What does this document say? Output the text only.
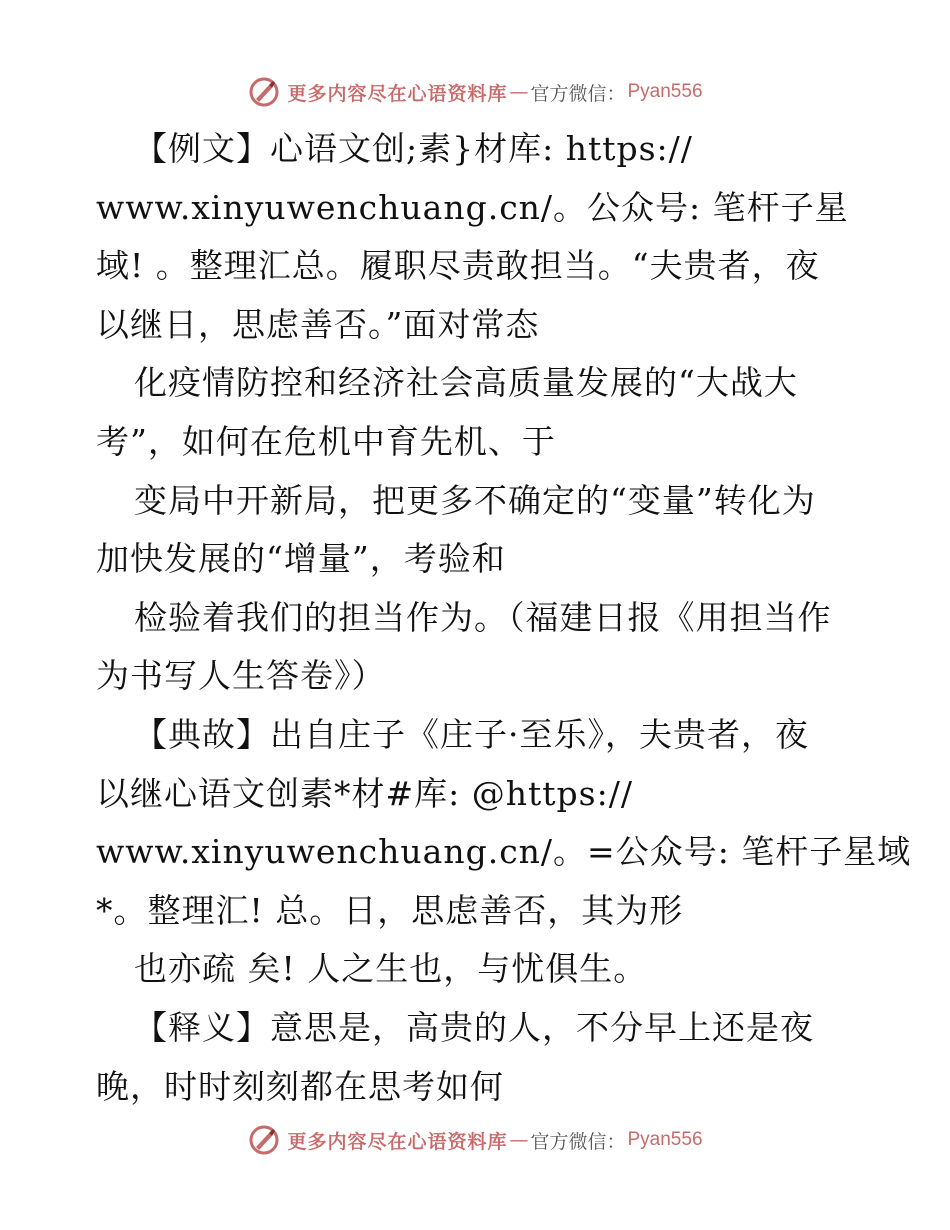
更多内容尽在心语资料库 — 官方微信： Pyan556
【例文】心语文创;素}材库: https://
www.xinyuwenchuang.cn/。公众号: 笔杆子星
域! 。整理汇总。履职尽责敢担当。“夫贵者，夜
以继日，思虑善否。”面对常态
化疫情防控和经济社会高质量发展的“大战大
考”，如何在危机中育先机、于
变局中开新局，把更多不确定的“变量”转化为
加快发展的“增量”，考验和
检验着我们的担当作为。（福建日报《用担当作
为书写人生答卷》）
【典故】出自庄子《庄子·至乐》，夫贵者，夜
以继心语文创素*材#库: @https://
www.xinyuwenchuang.cn/。=公众号: 笔杆子星域
*。整理汇! 总。日，思虑善否，其为形
也亦疏 矣! 人之生也，与忧俱生。
【释义】意思是，高贵的人，不分早上还是夜
晚，时时刻刻都在思考如何
更多内容尽在心语资料库 — 官方微信： Pyan556
